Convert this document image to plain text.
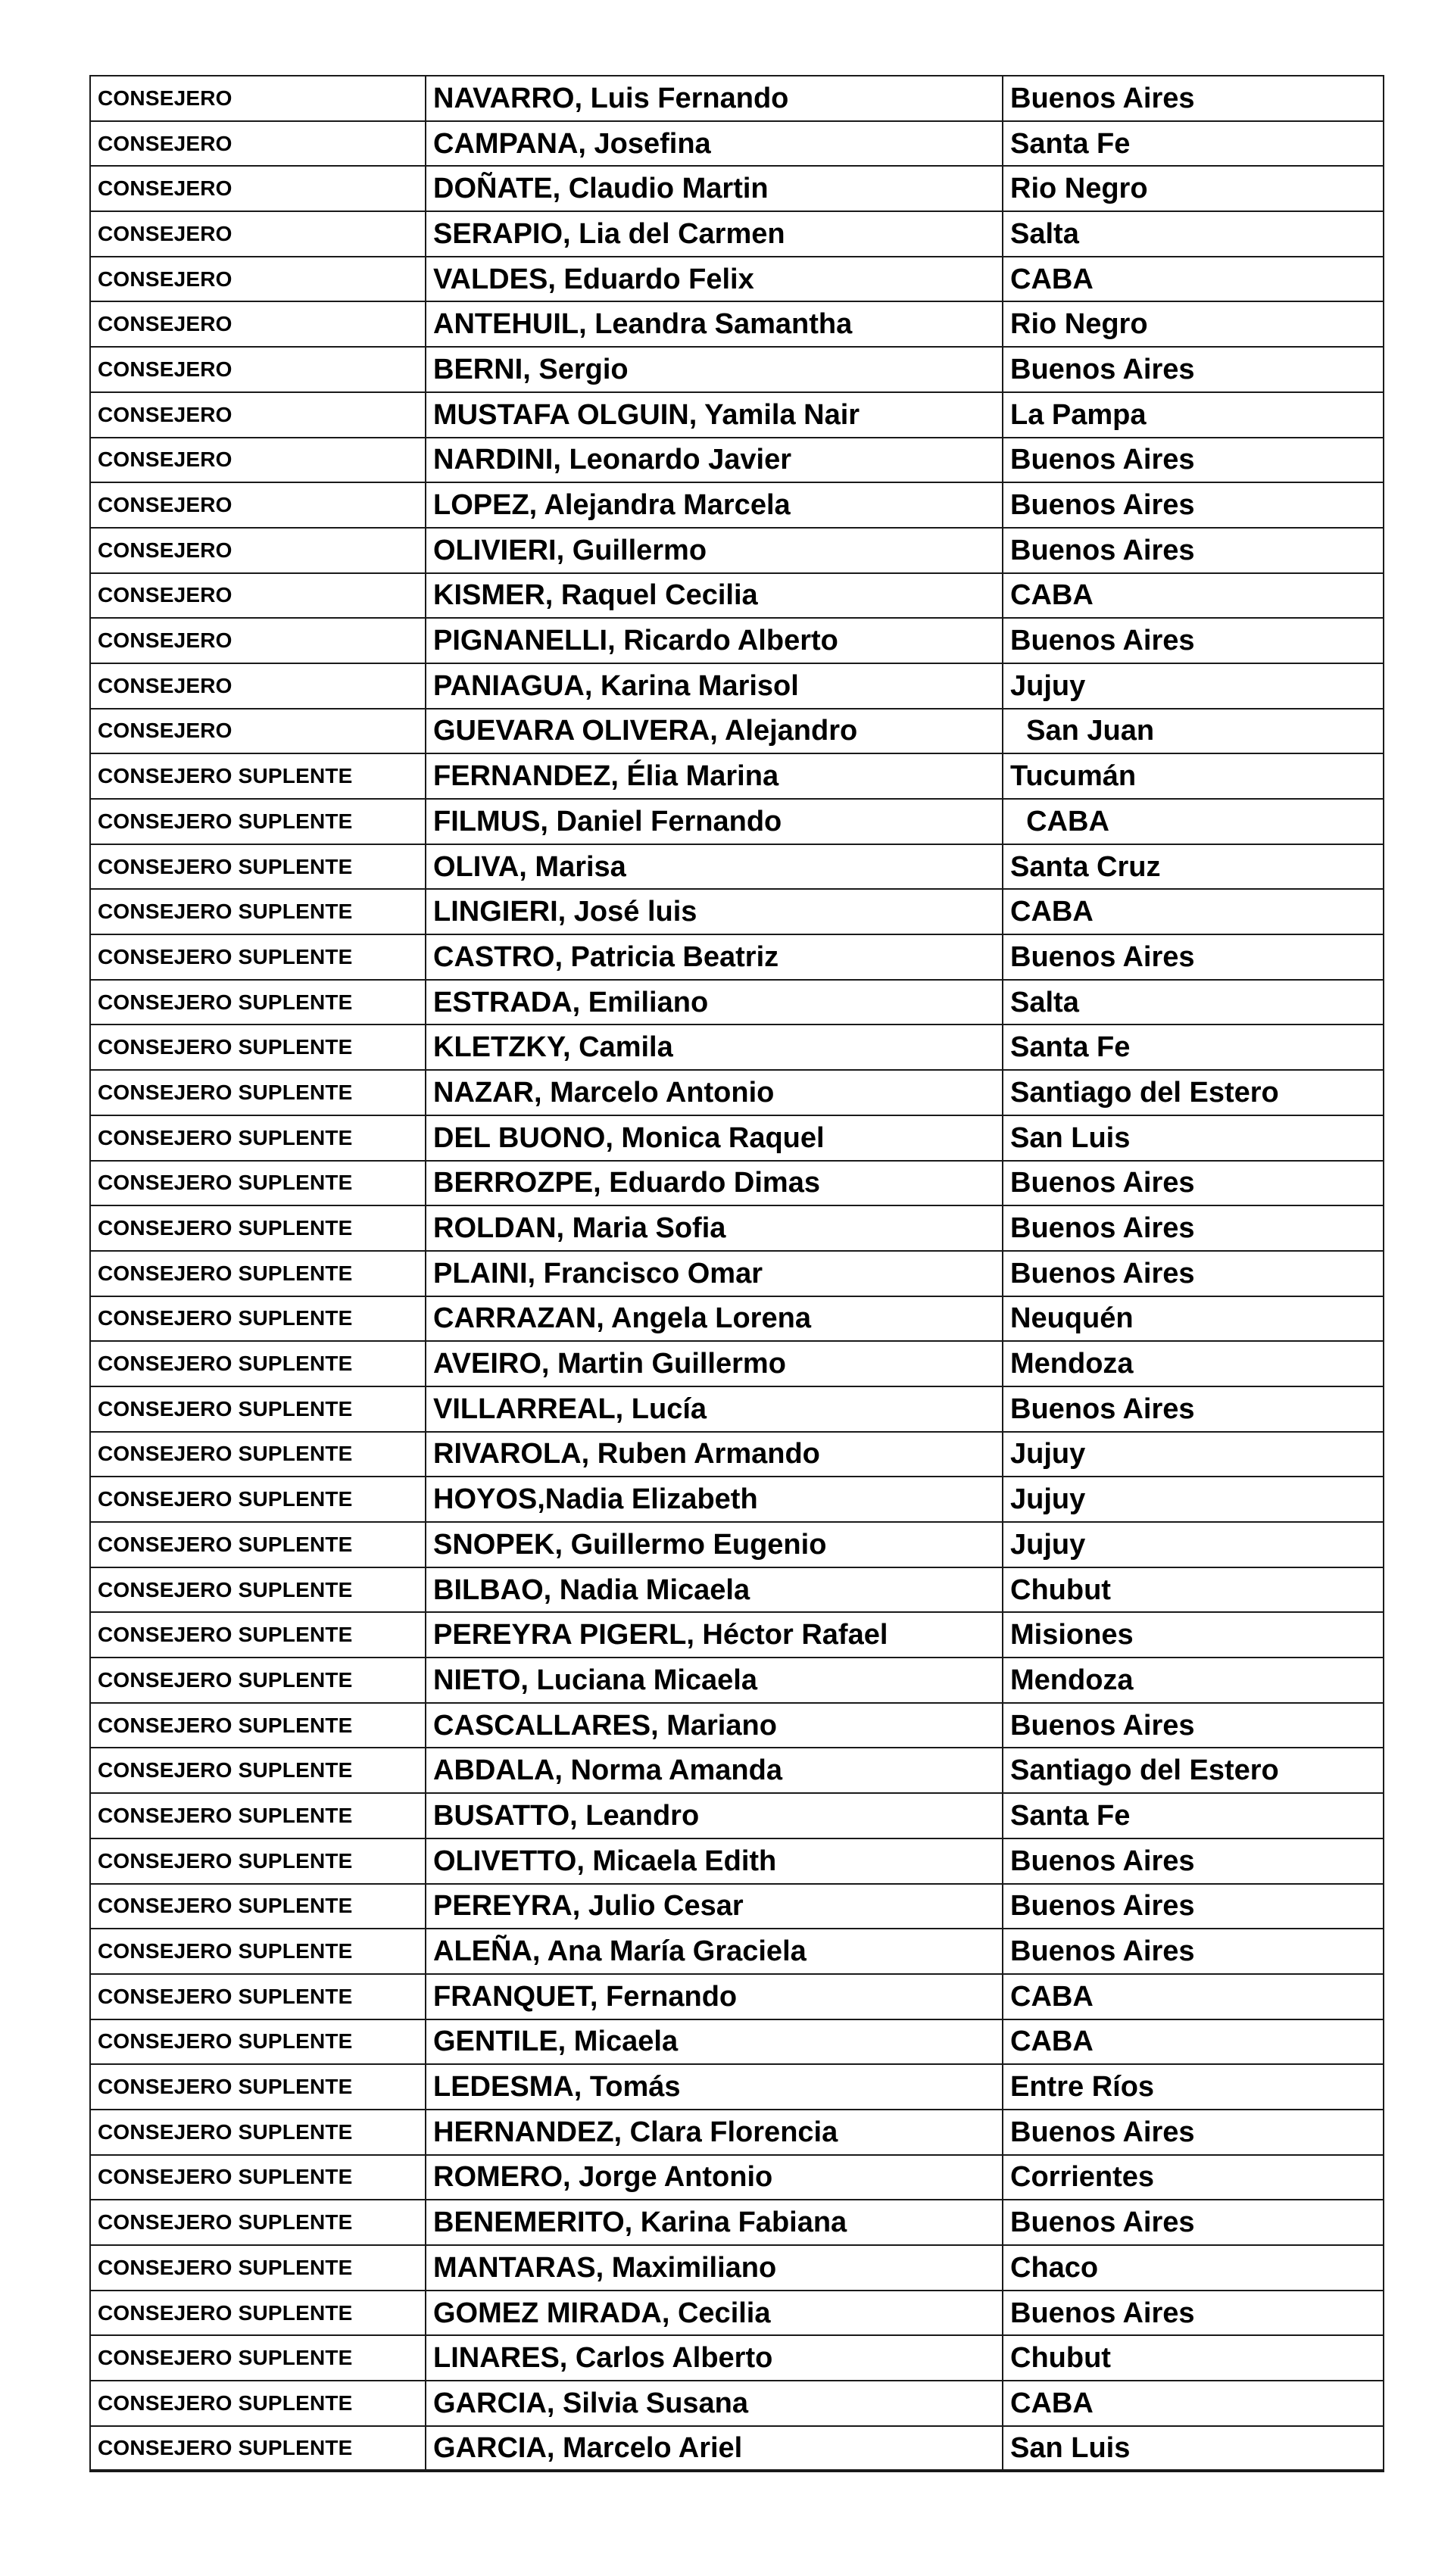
CONSEJERO	NAVARRO, Luis Fernando	Buenos Aires
CONSEJERO	CAMPANA, Josefina	Santa Fe
CONSEJERO	DOÑATE, Claudio Martin	Rio Negro
CONSEJERO	SERAPIO, Lia del Carmen	Salta
CONSEJERO	VALDES, Eduardo Felix	CABA
CONSEJERO	ANTEHUIL, Leandra Samantha	Rio Negro
CONSEJERO	BERNI, Sergio	Buenos Aires
CONSEJERO	MUSTAFA OLGUIN, Yamila Nair	La Pampa
CONSEJERO	NARDINI, Leonardo Javier	Buenos Aires
CONSEJERO	LOPEZ, Alejandra Marcela	Buenos Aires
CONSEJERO	OLIVIERI, Guillermo	Buenos Aires
CONSEJERO	KISMER, Raquel Cecilia	CABA
CONSEJERO	PIGNANELLI, Ricardo Alberto	Buenos Aires
CONSEJERO	PANIAGUA, Karina Marisol	Jujuy
CONSEJERO	GUEVARA OLIVERA, Alejandro	San Juan
CONSEJERO SUPLENTE	FERNANDEZ, Élia Marina	Tucumán
CONSEJERO SUPLENTE	FILMUS, Daniel Fernando	CABA
CONSEJERO SUPLENTE	OLIVA, Marisa	Santa Cruz
CONSEJERO SUPLENTE	LINGIERI, José luis	CABA
CONSEJERO SUPLENTE	CASTRO, Patricia Beatriz	Buenos Aires
CONSEJERO SUPLENTE	ESTRADA, Emiliano	Salta
CONSEJERO SUPLENTE	KLETZKY, Camila	Santa Fe
CONSEJERO SUPLENTE	NAZAR, Marcelo Antonio	Santiago del Estero
CONSEJERO SUPLENTE	DEL BUONO, Monica Raquel	San Luis
CONSEJERO SUPLENTE	BERROZPE, Eduardo Dimas	Buenos Aires
CONSEJERO SUPLENTE	ROLDAN, Maria Sofia	Buenos Aires
CONSEJERO SUPLENTE	PLAINI, Francisco Omar	Buenos Aires
CONSEJERO SUPLENTE	CARRAZAN, Angela Lorena	Neuquén
CONSEJERO SUPLENTE	AVEIRO, Martin Guillermo	Mendoza
CONSEJERO SUPLENTE	VILLARREAL, Lucía	Buenos Aires
CONSEJERO SUPLENTE	RIVAROLA, Ruben Armando	Jujuy
CONSEJERO SUPLENTE	HOYOS,Nadia Elizabeth	Jujuy
CONSEJERO SUPLENTE	SNOPEK, Guillermo Eugenio	Jujuy
CONSEJERO SUPLENTE	BILBAO, Nadia Micaela	Chubut
CONSEJERO SUPLENTE	PEREYRA PIGERL, Héctor Rafael	Misiones
CONSEJERO SUPLENTE	NIETO, Luciana Micaela	Mendoza
CONSEJERO SUPLENTE	CASCALLARES, Mariano	Buenos Aires
CONSEJERO SUPLENTE	ABDALA, Norma Amanda	Santiago del Estero
CONSEJERO SUPLENTE	BUSATTO, Leandro	Santa Fe
CONSEJERO SUPLENTE	OLIVETTO, Micaela Edith	Buenos Aires
CONSEJERO SUPLENTE	PEREYRA, Julio Cesar	Buenos Aires
CONSEJERO SUPLENTE	ALEÑA, Ana María Graciela	Buenos Aires
CONSEJERO SUPLENTE	FRANQUET, Fernando	CABA
CONSEJERO SUPLENTE	GENTILE, Micaela	CABA
CONSEJERO SUPLENTE	LEDESMA, Tomás	Entre Ríos
CONSEJERO SUPLENTE	HERNANDEZ, Clara Florencia	Buenos Aires
CONSEJERO SUPLENTE	ROMERO, Jorge Antonio	Corrientes
CONSEJERO SUPLENTE	BENEMERITO, Karina Fabiana	Buenos Aires
CONSEJERO SUPLENTE	MANTARAS, Maximiliano	Chaco
CONSEJERO SUPLENTE	GOMEZ MIRADA, Cecilia	Buenos Aires
CONSEJERO SUPLENTE	LINARES, Carlos Alberto	Chubut
CONSEJERO SUPLENTE	GARCIA, Silvia Susana	CABA
CONSEJERO SUPLENTE	GARCIA, Marcelo Ariel	San Luis
